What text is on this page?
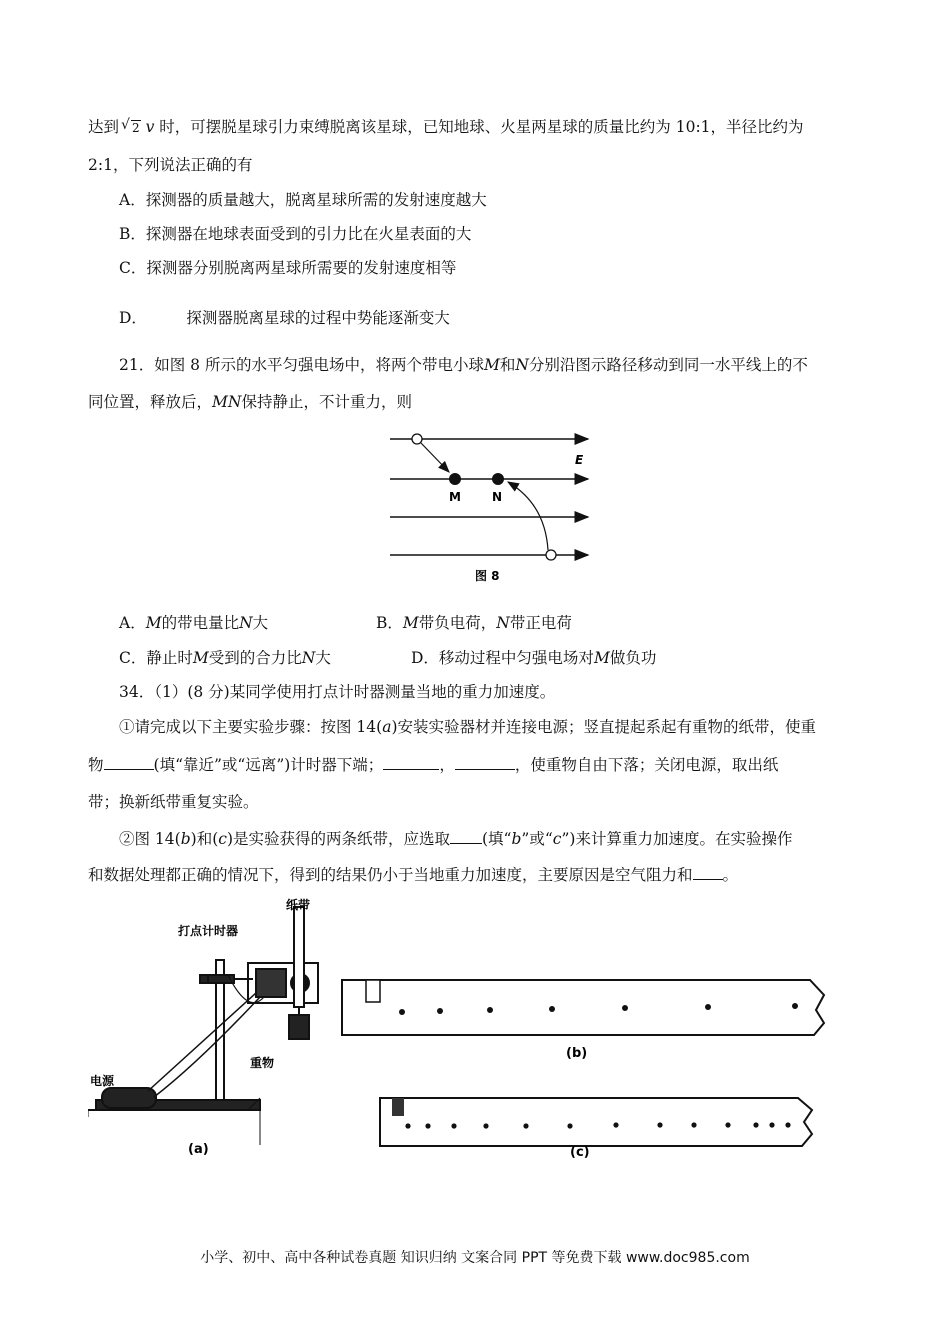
达到 √ 2 v 时，可摆脱星球引力束缚脱离该星球，已知地球、火星两星球的质量比约为 10:1，半径比约为
2:1，下列说法正确的有
A．探测器的质量越大，脱离星球所需的发射速度越大
B．探测器在地球表面受到的引力比在火星表面的大
C．探测器分别脱离两星球所需要的发射速度相等
D．        探测器脱离星球的过程中势能逐渐变大
21．如图 8 所示的水平匀强电场中，将两个带电小球M和N分别沿图示路径移动到同一水平线上的不
同位置，释放后，MN保持静止，不计重力，则
E
M	N
图 8
A．M的带电量比N大	B．M带负电荷，N带正电荷
C．静止时M受到的合力比N大	D．移动过程中匀强电场对M做负功
34．（1）(8 分)某同学使用打点计时器测量当地的重力加速度。
①请完成以下主要实验步骤：按图 14(a)安装实验器材并连接电源；竖直提起系起有重物的纸带，使重
物	(填“靠近”或“远离”)计时器下端；	，	，使重物自由下落；关闭电源，取出纸
带；换新纸带重复实验。
②图 14(b)和(c)是实验获得的两条纸带，应选取 (填“b”或“c”)来计算重力加速度。在实验操作
和数据处理都正确的情况下，得到的结果仍小于当地重力加速度，主要原因是空气阻力和 。
纸带
打点计时器
电源
重物
(a)
(b)
(c)
小学、初中、高中各种试卷真题 知识归纳 文案合同 PPT 等免费下载 www.doc985.com
